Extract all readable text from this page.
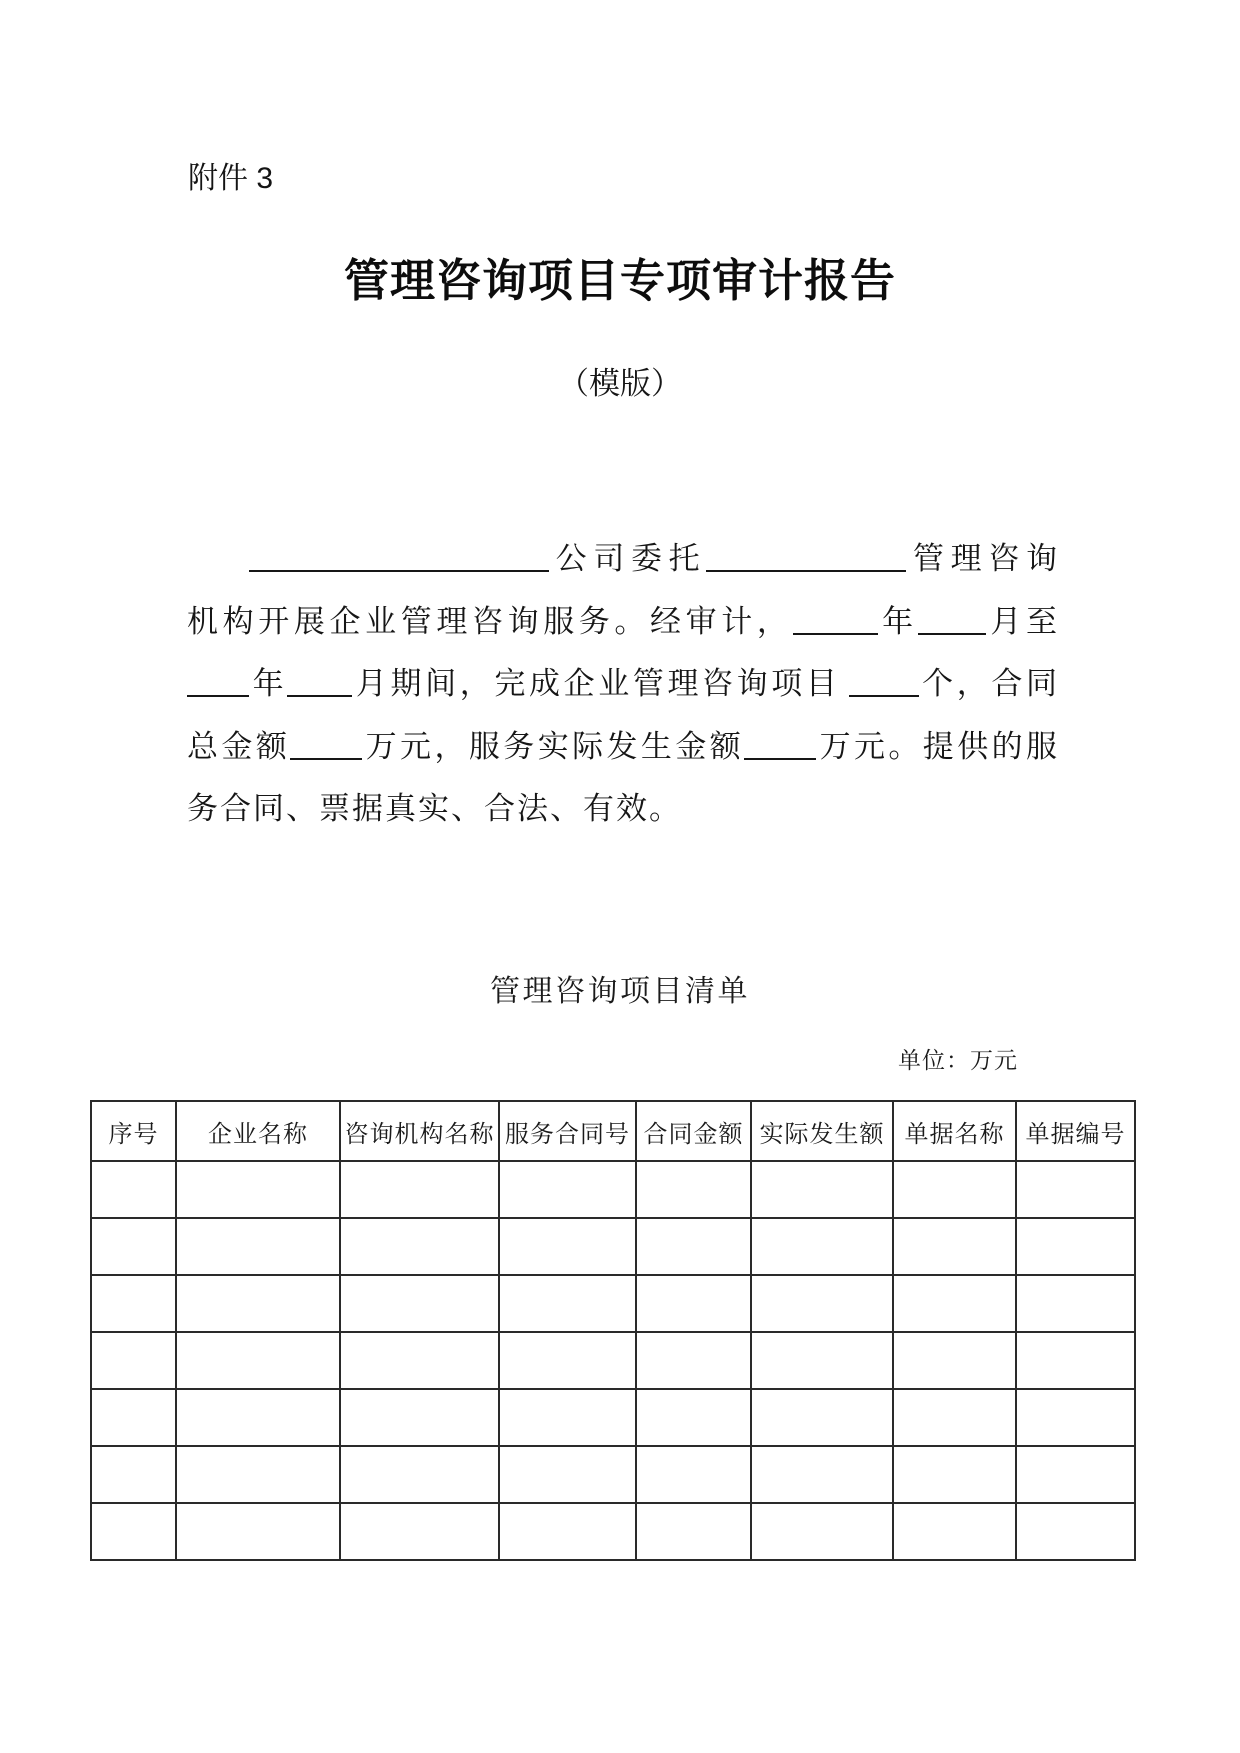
附件 3
管理咨询项目专项审计报告
（模版）
公司委托	管理咨询
机构开展企业管理咨询服务。经审计，	年 月至
年 月期间，完成企业管理咨询项目	个，合同
总金额 万元，服务实际发生金额 万元。提供的服
务合同、票据真实、合法、有效。
管理咨询项目清单
单位：万元
序号	企业名称	咨询机构名称	服务合同号	合同金额	实际发生额	单据名称	单据编号
